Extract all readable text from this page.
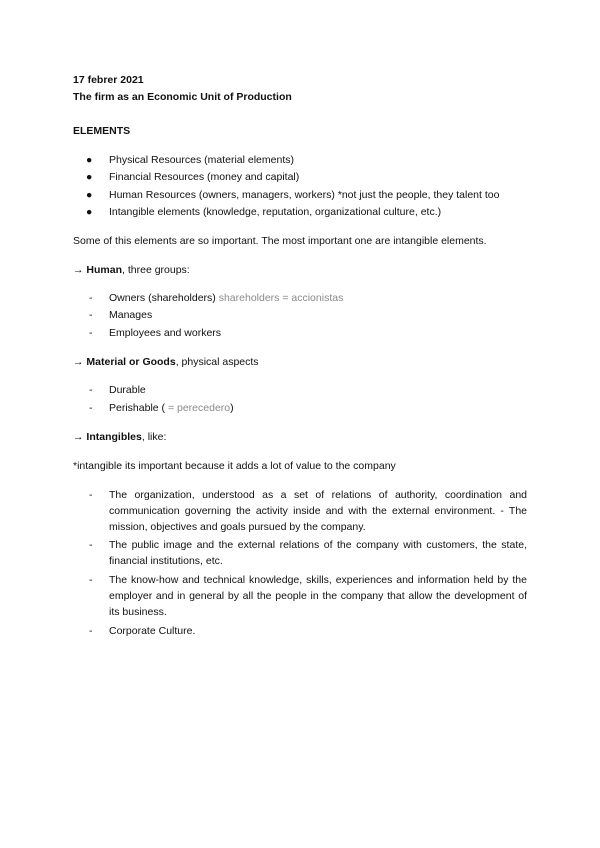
17 febrer 2021
The firm as an Economic Unit of Production
ELEMENTS
●	Physical Resources (material elements)
●	Financial Resources (money and capital)
●	Human Resources (owners, managers, workers) *not just the people, they talent too
●	Intangible elements (knowledge, reputation, organizational culture, etc.)
Some of this elements are so important. The most important one are intangible elements.
→ Human, three groups:
-	Owners (shareholders) shareholders = accionistas
-	Manages
-	Employees and workers
→ Material or Goods, physical aspects
-	Durable
-	Perishable ( = perecedero)
→ Intangibles, like:
*intangible its important because it adds a lot of value to the company
- The organization, understood as a set of relations of authority, coordination and communication governing the activity inside and with the external environment. - The mission, objectives and goals pursued by the company.
- The public image and the external relations of the company with customers, the state, financial institutions, etc.
- The know-how and technical knowledge, skills, experiences and information held by the employer and in general by all the people in the company that allow the development of its business.
- Corporate Culture.
